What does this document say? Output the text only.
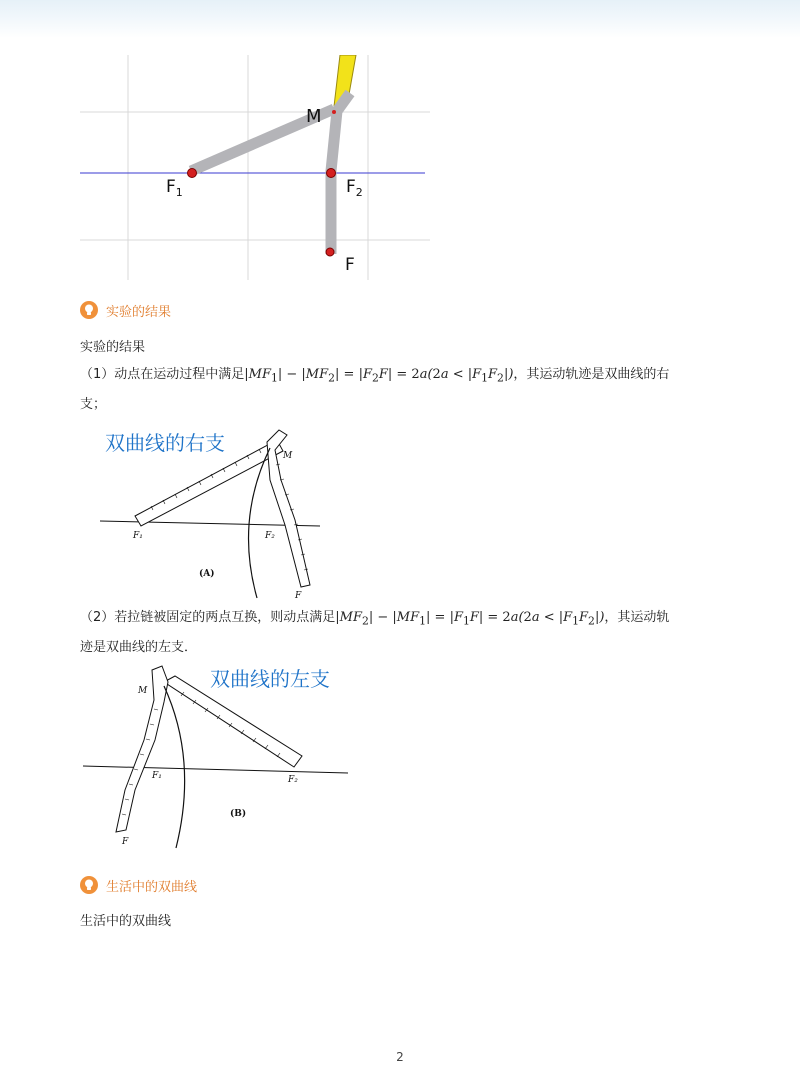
M
$F_1$	$F_2$
F
实验的结果
实验的结果
（1）动点在运动过程中满足$|MF_1| - |MF_2| = |F_2F| = 2a(2a < |F_1F_2|)$，其运动轨迹是双曲线的右
支；
双曲线的右支
M
F₁	F₂
F
(A)
（2）若拉链被固定的两点互换，则动点满足$|MF_2| - |MF_1| = |F_1F| = 2a(2a < |F_1F_2|)$，其运动轨
迹是双曲线的左支．
双曲线的左支
M
F₁	F₂
F
(B)
生活中的双曲线
生活中的双曲线
2
